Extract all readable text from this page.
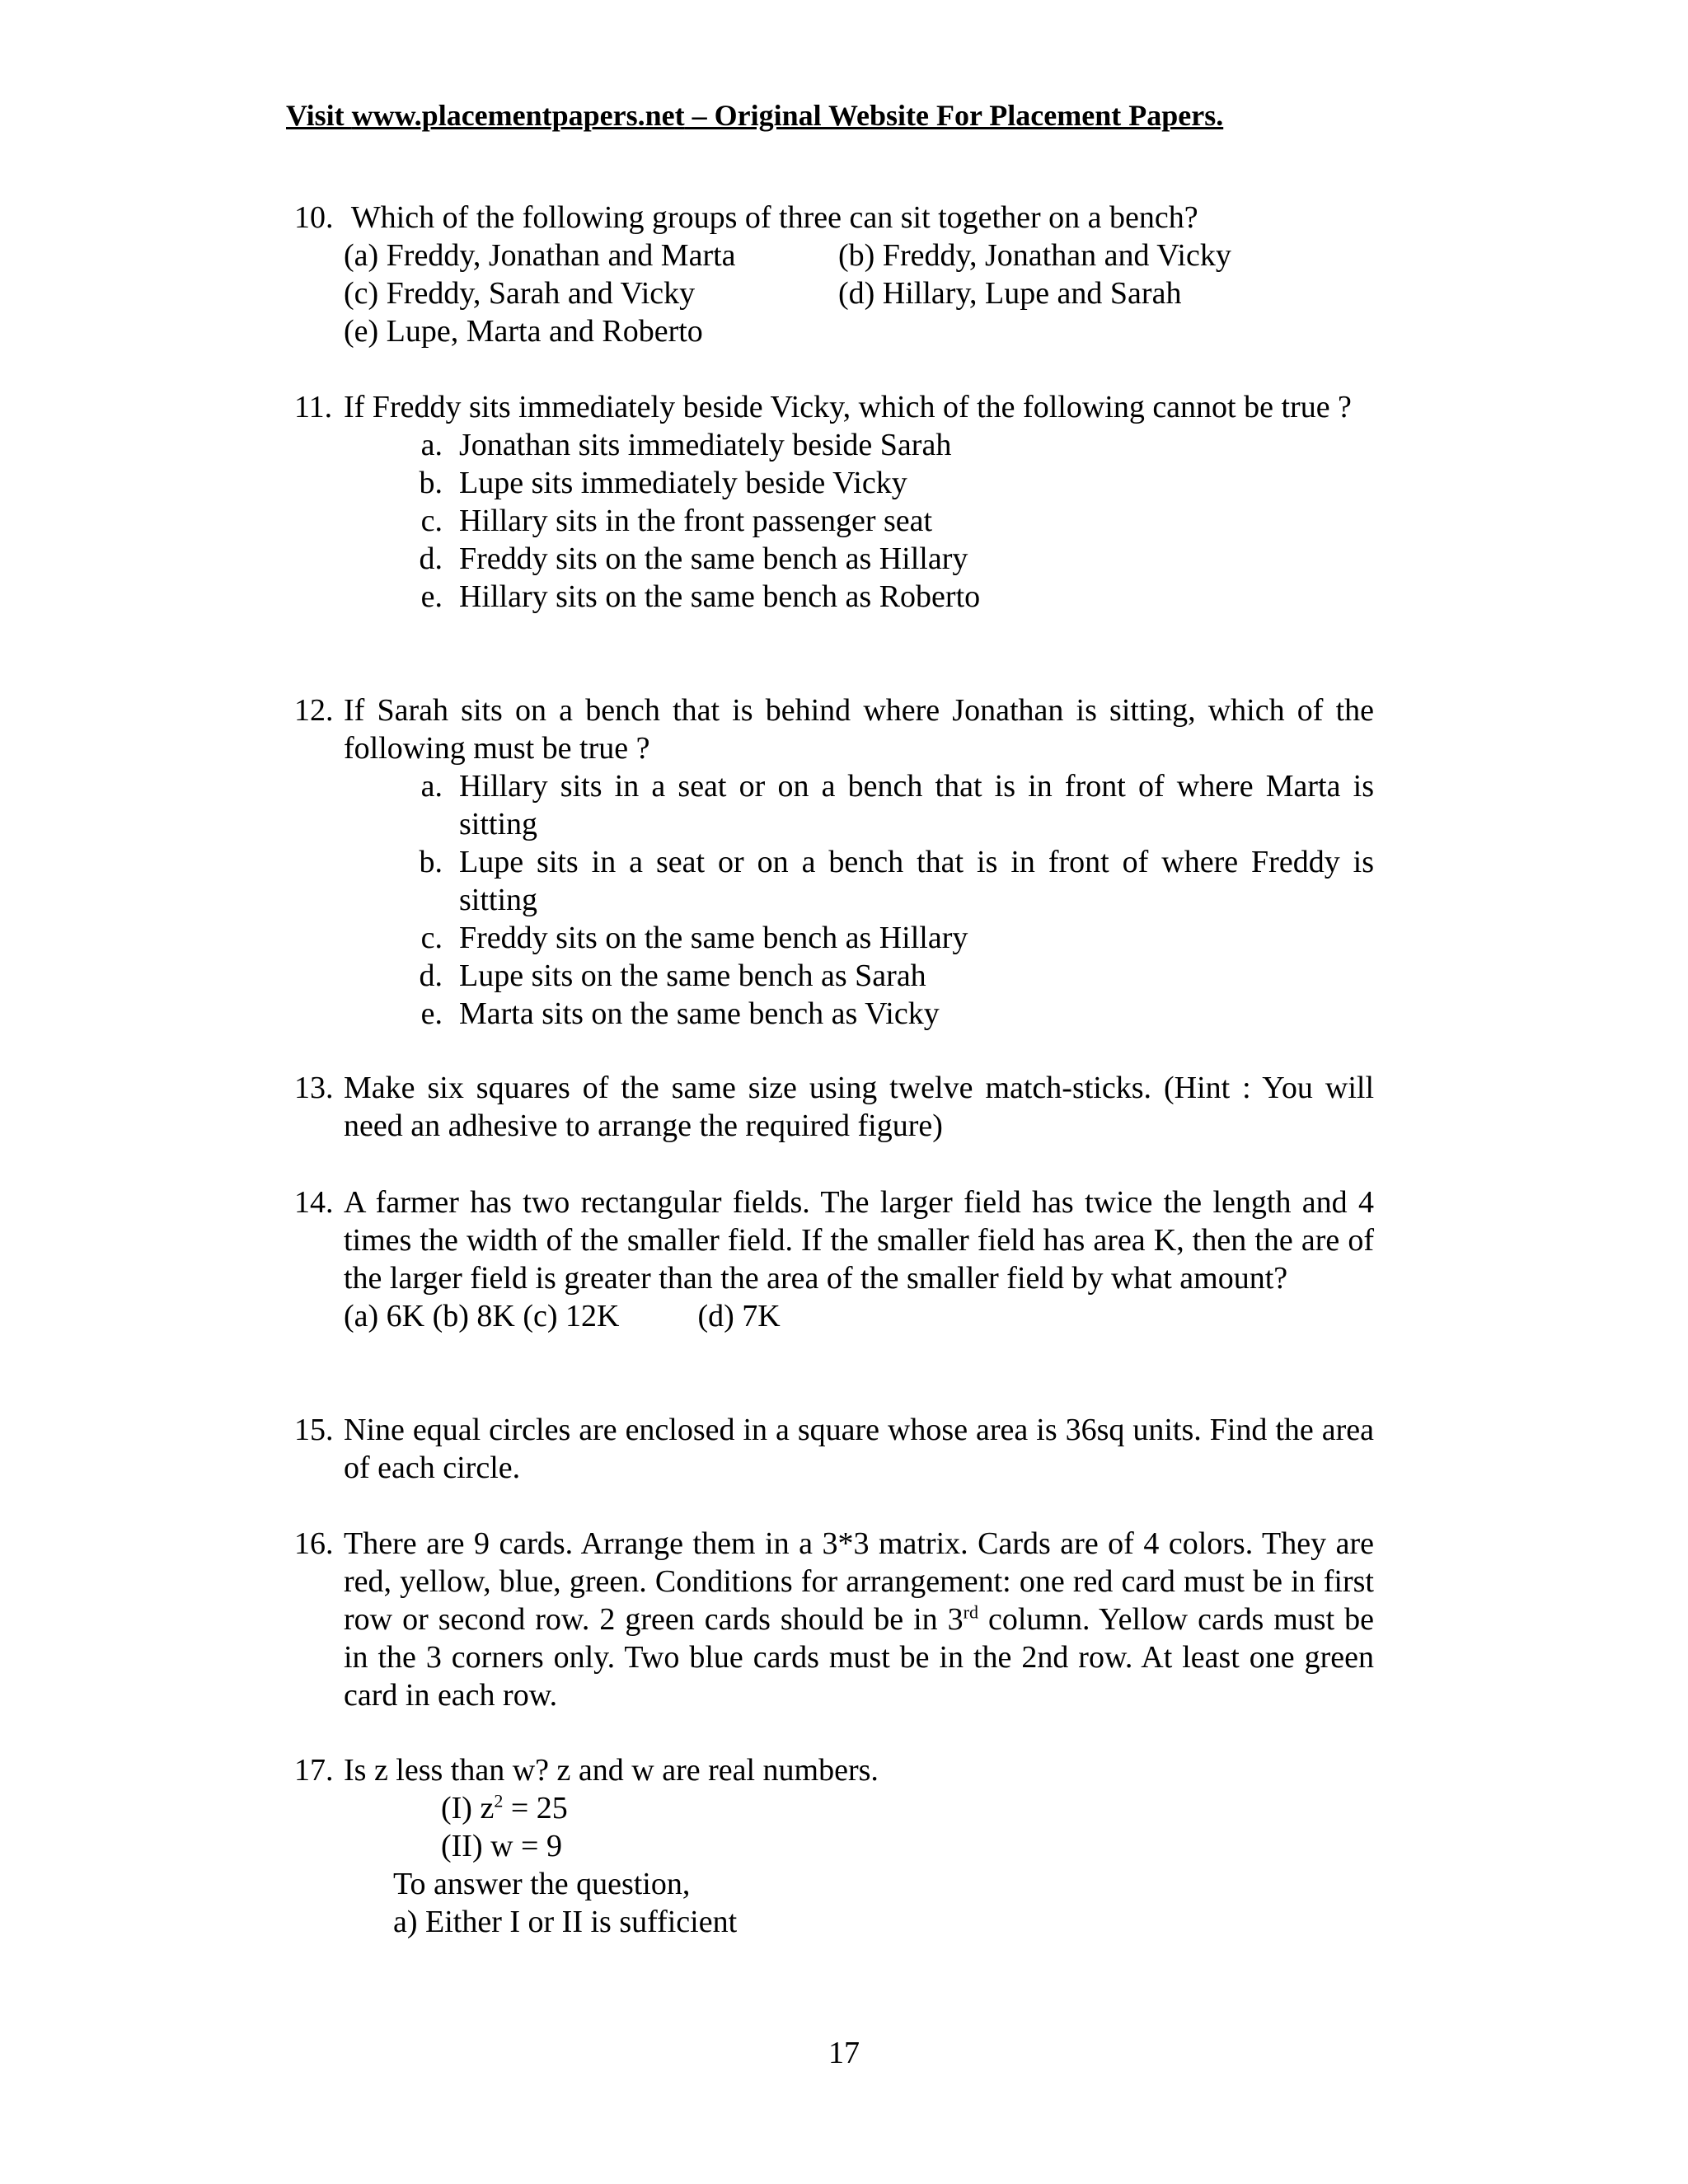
Visit www.placementpapers.net – Original Website For Placement Papers.
10. Which of the following groups of three can sit together on a bench?
(a) Freddy, Jonathan and Marta	(b) Freddy, Jonathan and Vicky
(c) Freddy, Sarah and Vicky	(d) Hillary, Lupe and Sarah
(e) Lupe, Marta and Roberto
11. If Freddy sits immediately beside Vicky, which of the following cannot be true ?
a. Jonathan sits immediately beside Sarah
b. Lupe sits immediately beside Vicky
c. Hillary sits in the front passenger seat
d. Freddy sits on the same bench as Hillary
e. Hillary sits on the same bench as Roberto
12. If Sarah sits on a bench that is behind where Jonathan is sitting, which of the following must be true ?
a. Hillary sits in a seat or on a bench that is in front of where Marta is sitting
b. Lupe sits in a seat or on a bench that is in front of where Freddy is sitting
c. Freddy sits on the same bench as Hillary
d. Lupe sits on the same bench as Sarah
e. Marta sits on the same bench as Vicky
13. Make six squares of the same size using twelve match-sticks. (Hint : You will need an adhesive to arrange the required figure)
14. A farmer has two rectangular fields. The larger field has twice the length and 4 times the width of the smaller field. If the smaller field has area K, then the are of the larger field is greater than the area of the smaller field by what amount?
(a) 6K (b) 8K (c) 12K          (d) 7K
15. Nine equal circles are enclosed in a square whose area is 36sq units. Find the area of each circle.
16. There are 9 cards. Arrange them in a 3*3 matrix. Cards are of 4 colors. They are red, yellow, blue, green. Conditions for arrangement: one red card must be in first row or second row. 2 green cards should be in 3rd column. Yellow cards must be in the 3 corners only. Two blue cards must be in the 2nd row. At least one green card in each row.
17. Is z less than w? z and w are real numbers.
(I) $z^2 = 25$
(II) w = 9
To answer the question,
a) Either I or II is sufficient
17
